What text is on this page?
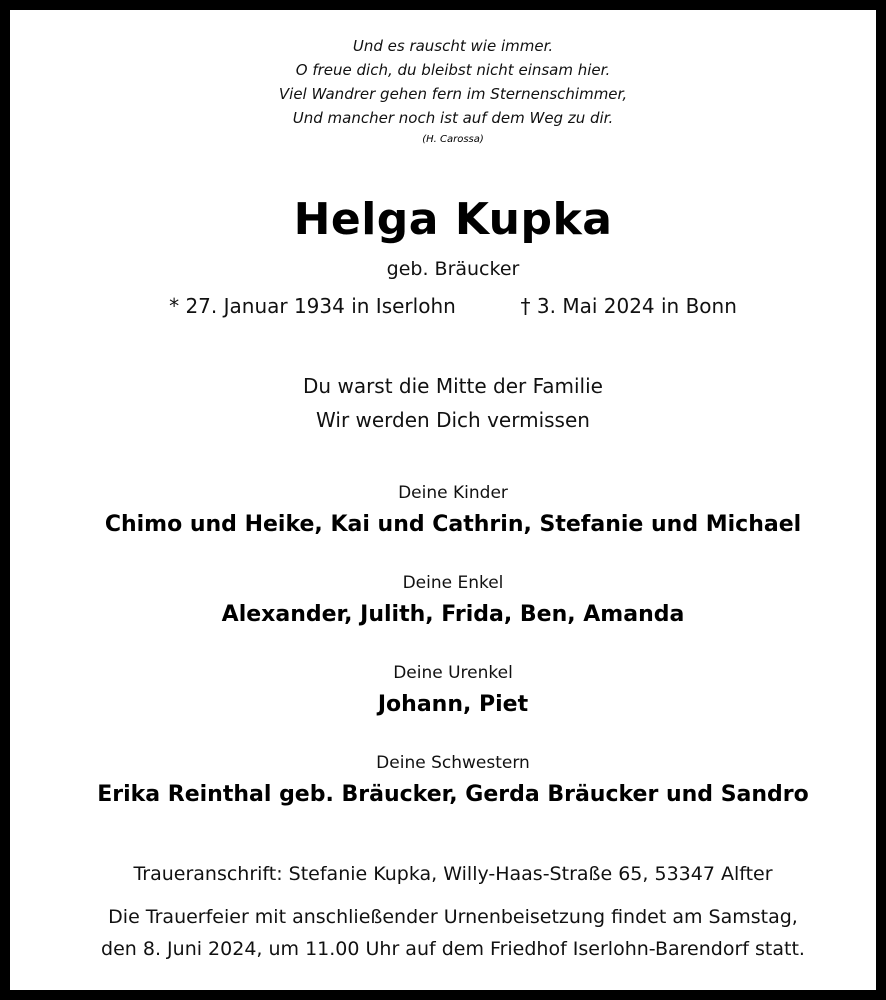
Und es rauscht wie immer.
O freue dich, du bleibst nicht einsam hier.
Viel Wandrer gehen fern im Sternenschimmer,
Und mancher noch ist auf dem Weg zu dir.
(H. Carossa)
Helga Kupka
geb. Bräucker
* 27. Januar 1934 in Iserlohn	† 3. Mai 2024 in Bonn
Du warst die Mitte der Familie
Wir werden Dich vermissen
Deine Kinder
Chimo und Heike, Kai und Cathrin, Stefanie und Michael
Deine Enkel
Alexander, Julith, Frida, Ben, Amanda
Deine Urenkel
Johann, Piet
Deine Schwestern
Erika Reinthal geb. Bräucker, Gerda Bräucker und Sandro
Traueranschrift: Stefanie Kupka, Willy-Haas-Straße 65, 53347 Alfter
Die Trauerfeier mit anschließender Urnenbeisetzung findet am Samstag,
den 8. Juni 2024, um 11.00 Uhr auf dem Friedhof Iserlohn-Barendorf statt.
